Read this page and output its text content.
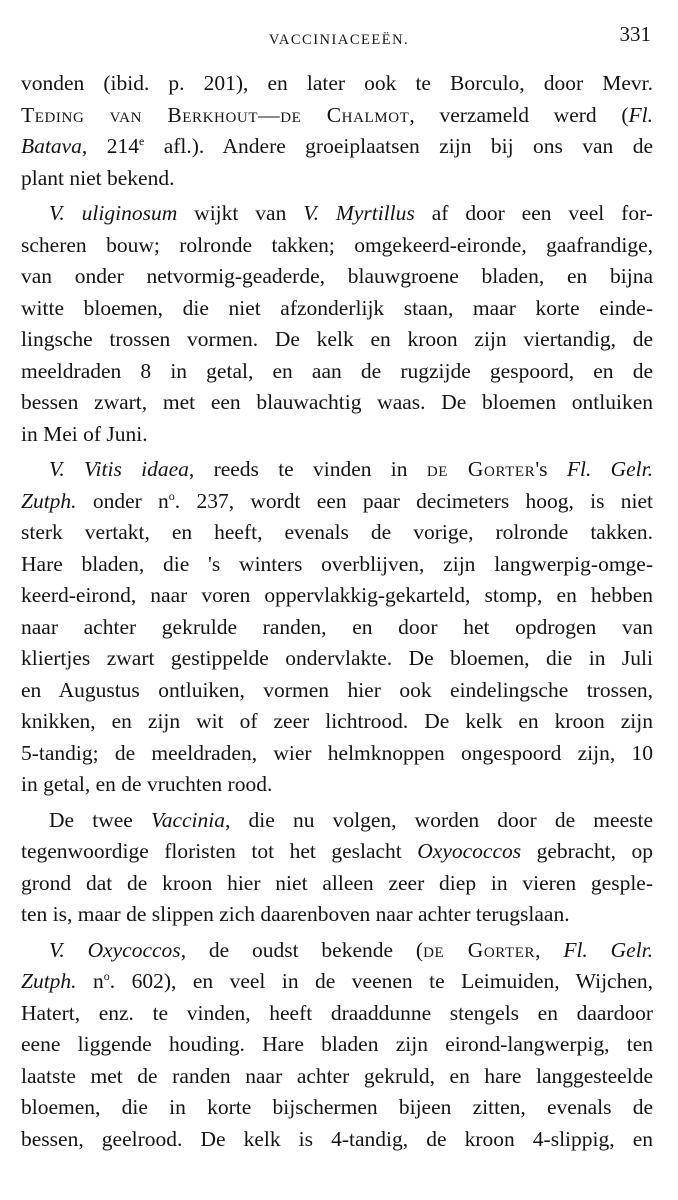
VACCINIACEEËN.	331
vonden (ibid. p. 201), en later ook te Borculo, door Mevr.
Teding van Berkhout—de Chalmot, verzameld werd (Fl.
Batava, 214e afl.). Andere groeiplaatsen zijn bij ons van de
plant niet bekend.
V. uliginosum wijkt van V. Myrtillus af door een veel for-
scheren bouw; rolronde takken; omgekeerd-eironde, gaafrandige,
van onder netvormig-geaderde, blauwgroene bladen, en bijna
witte bloemen, die niet afzonderlijk staan, maar korte einde-
lingsche trossen vormen. De kelk en kroon zijn viertandig, de
meeldraden 8 in getal, en aan de rugzijde gespoord, en de
bessen zwart, met een blauwachtig waas. De bloemen ontluiken
in Mei of Juni.
V. Vitis idaea, reeds te vinden in de Gorter's Fl. Gelr.
Zutph. onder $n^o$. 237, wordt een paar decimeters hoog, is niet
sterk vertakt, en heeft, evenals de vorige, rolronde takken.
Hare bladen, die 's winters overblijven, zijn langwerpig-omge-
keerd-eirond, naar voren oppervlakkig-gekarteld, stomp, en hebben
naar achter gekrulde randen, en door het opdrogen van
kliertjes zwart gestippelde ondervlakte. De bloemen, die in Juli
en Augustus ontluiken, vormen hier ook eindelingsche trossen,
knikken, en zijn wit of zeer lichtrood. De kelk en kroon zijn
5-tandig; de meeldraden, wier helmknoppen ongespoord zijn, 10
in getal, en de vruchten rood.
De twee Vaccinia, die nu volgen, worden door de meeste
tegenwoordige floristen tot het geslacht Oxyococcos gebracht, op
grond dat de kroon hier niet alleen zeer diep in vieren gesple-
ten is, maar de slippen zich daarenboven naar achter terugslaan.
V. Oxycoccos, de oudst bekende (de Gorter, Fl. Gelr.
Zutph. $n^o$. 602), en veel in de veenen te Leimuiden, Wijchen,
Hatert, enz. te vinden, heeft draaddunne stengels en daardoor
eene liggende houding. Hare bladen zijn eirond-langwerpig, ten
laatste met de randen naar achter gekruld, en hare langgesteelde
bloemen, die in korte bijschermen bijeen zitten, evenals de
bessen, geelrood. De kelk is 4-tandig, de kroon 4-slippig, en
